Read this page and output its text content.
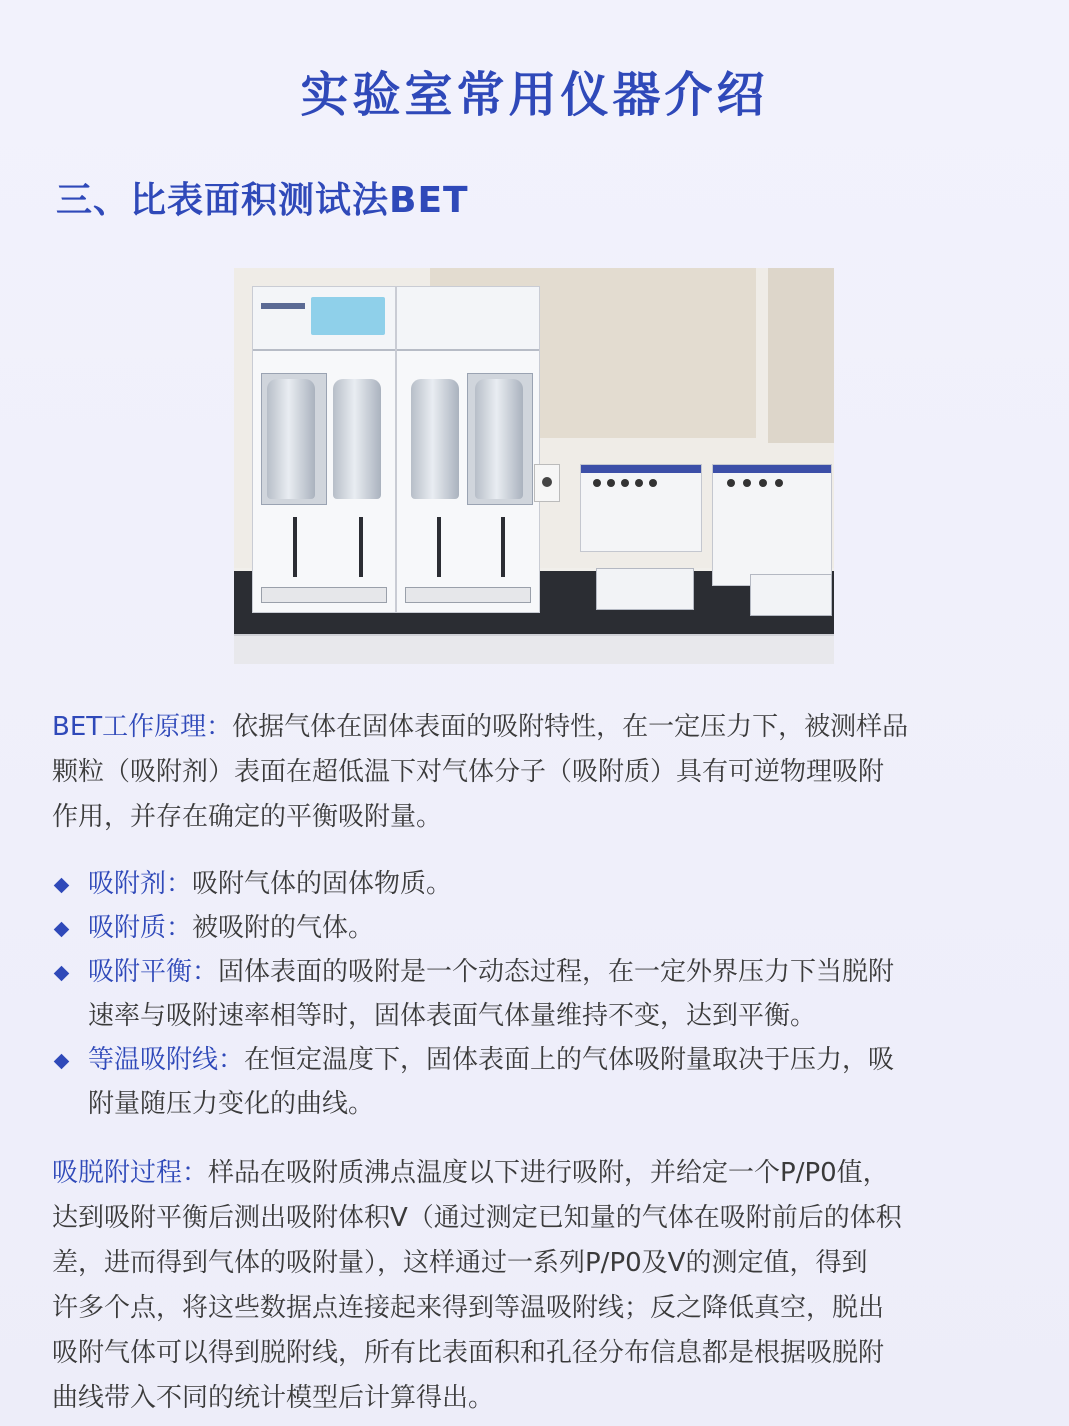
实验室常用仪器介绍
三、比表面积测试法BET

BET工作原理：依据气体在固体表面的吸附特性，在一定压力下，被测样品
颗粒（吸附剂）表面在超低温下对气体分子（吸附质）具有可逆物理吸附
作用，并存在确定的平衡吸附量。

吸附剂：吸附气体的固体物质。
吸附质：被吸附的气体。
吸附平衡：固体表面的吸附是一个动态过程，在一定外界压力下当脱附
速率与吸附速率相等时，固体表面气体量维持不变，达到平衡。
等温吸附线：在恒定温度下，固体表面上的气体吸附量取决于压力，吸
附量随压力变化的曲线。

吸脱附过程：样品在吸附质沸点温度以下进行吸附，并给定一个P/P0值，
达到吸附平衡后测出吸附体积V（通过测定已知量的气体在吸附前后的体积
差，进而得到气体的吸附量），这样通过一系列P/P0及V的测定值，得到
许多个点，将这些数据点连接起来得到等温吸附线；反之降低真空，脱出
吸附气体可以得到脱附线，所有比表面积和孔径分布信息都是根据吸脱附
曲线带入不同的统计模型后计算得出。
